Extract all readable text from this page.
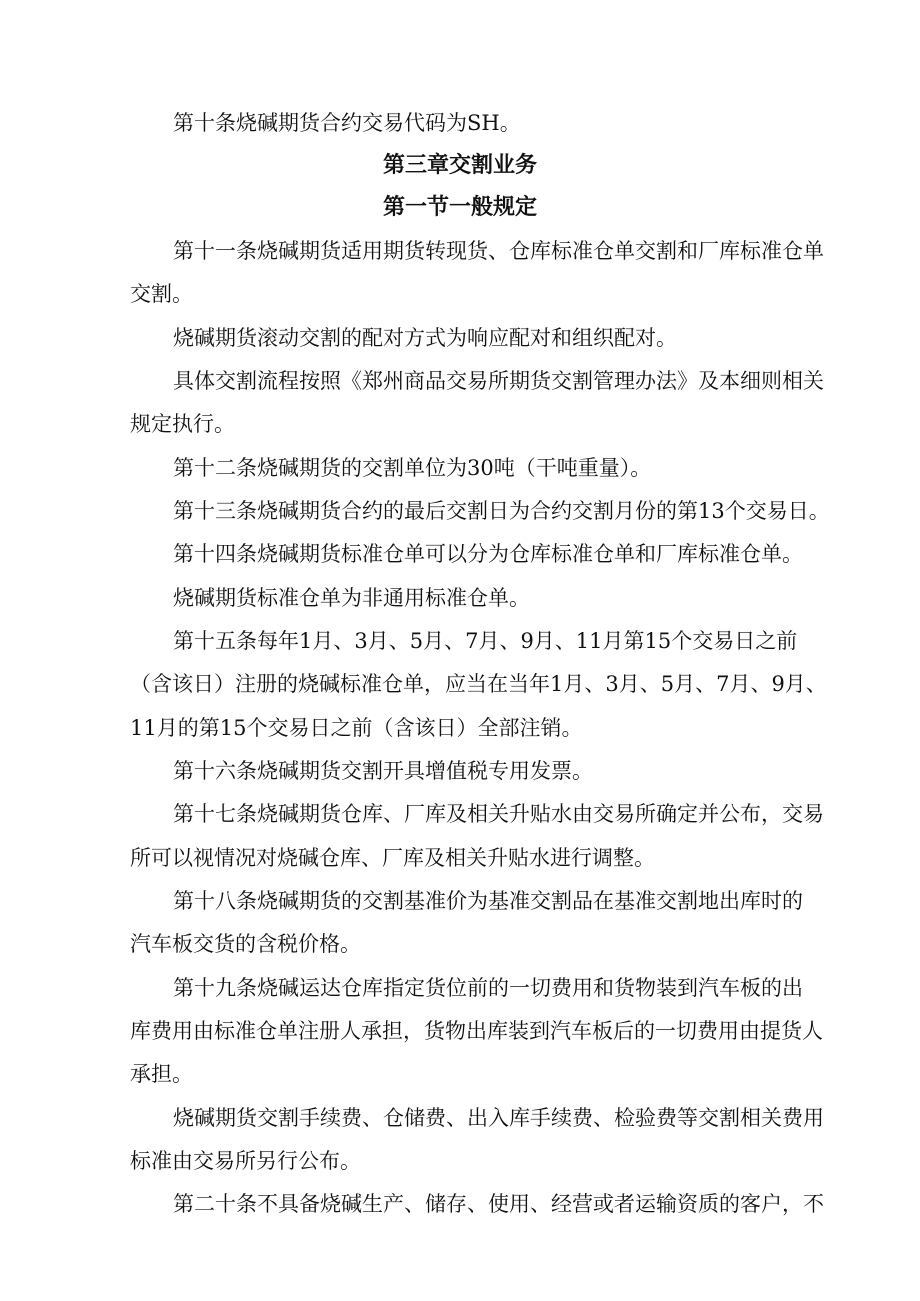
第十条烧碱期货合约交易代码为SH。

第三章交割业务
第一节一般规定

第十一条烧碱期货适用期货转现货、仓库标准仓单交割和厂库标准仓单

交割。

烧碱期货滚动交割的配对方式为响应配对和组织配对。

具体交割流程按照《郑州商品交易所期货交割管理办法》及本细则相关

规定执行。

第十二条烧碱期货的交割单位为30吨（干吨重量）。

第十三条烧碱期货合约的最后交割日为合约交割月份的第13个交易日。

第十四条烧碱期货标准仓单可以分为仓库标准仓单和厂库标准仓单。

烧碱期货标准仓单为非通用标准仓单。

第十五条每年1月、3月、5月、7月、9月、11月第15个交易日之前

（含该日）注册的烧碱标准仓单，应当在当年1月、3月、5月、7月、9月、

11月的第15个交易日之前（含该日）全部注销。

第十六条烧碱期货交割开具增值税专用发票。

第十七条烧碱期货仓库、厂库及相关升贴水由交易所确定并公布，交易

所可以视情况对烧碱仓库、厂库及相关升贴水进行调整。

第十八条烧碱期货的交割基准价为基准交割品在基准交割地出库时的

汽车板交货的含税价格。

第十九条烧碱运达仓库指定货位前的一切费用和货物装到汽车板的出

库费用由标准仓单注册人承担，货物出库装到汽车板后的一切费用由提货人

承担。

烧碱期货交割手续费、仓储费、出入库手续费、检验费等交割相关费用

标准由交易所另行公布。

第二十条不具备烧碱生产、储存、使用、经营或者运输资质的客户，不
